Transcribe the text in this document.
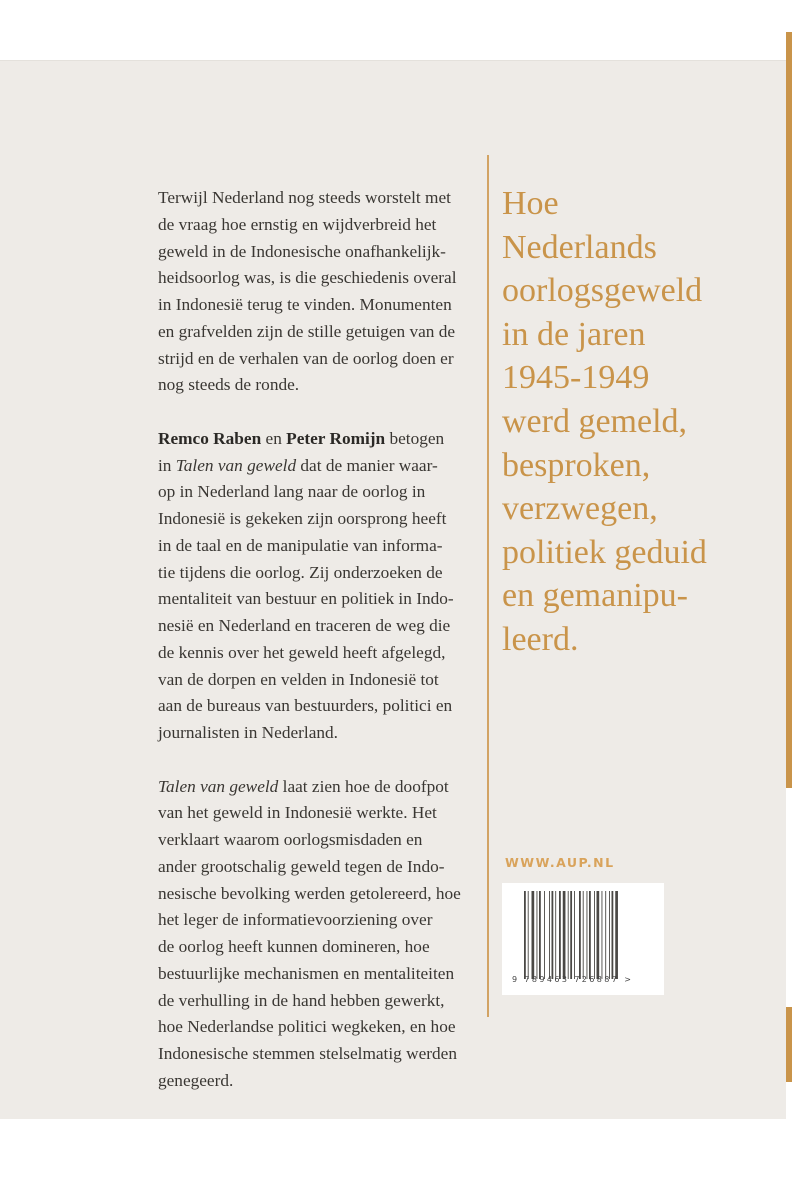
Terwijl Nederland nog steeds worstelt met
de vraag hoe ernstig en wijdverbreid het
geweld in de Indonesische onafhankelijk-
heidsoorlog was, is die geschiedenis overal
in Indonesië terug te vinden. Monumenten
en grafvelden zijn de stille getuigen van de
strijd en de verhalen van de oorlog doen er
nog steeds de ronde.
Remco Raben en Peter Romijn betogen
in Talen van geweld dat de manier waar-
op in Nederland lang naar de oorlog in
Indonesië is gekeken zijn oorsprong heeft
in de taal en de manipulatie van informa-
tie tijdens die oorlog. Zij onderzoeken de
mentaliteit van bestuur en politiek in Indo-
nesië en Nederland en traceren de weg die
de kennis over het geweld heeft afgelegd,
van de dorpen en velden in Indonesië tot
aan de bureaus van bestuurders, politici en
journalisten in Nederland.
Talen van geweld laat zien hoe de doofpot
van het geweld in Indonesië werkte. Het
verklaart waarom oorlogsmisdaden en
ander grootschalig geweld tegen de Indo-
nesische bevolking werden getolereerd, hoe
het leger de informatievoorziening over
de oorlog heeft kunnen domineren, hoe
bestuurlijke mechanismen en mentaliteiten
de verhulling in de hand hebben gewerkt,
hoe Nederlandse politici wegkeken, en hoe
Indonesische stemmen stelselmatig werden
genegeerd.
Hoe
Nederlands
oorlogsgeweld
in de jaren
1945-1949
werd gemeld,
besproken,
verzwegen,
politiek geduid
en gemanipu-
leerd.
WWW.AUP.NL
9 789463 726887 >
